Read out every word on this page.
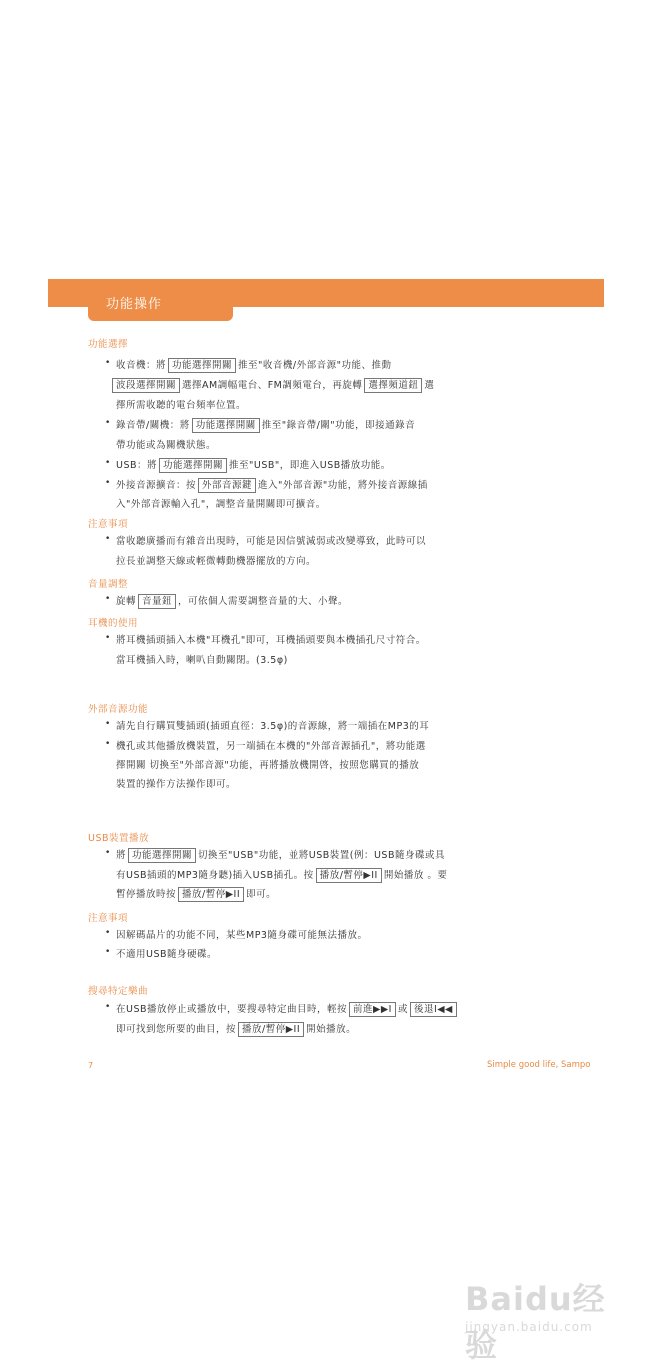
功能操作
功能選擇
• 收音機：將 功能選擇開關 推至"收音機/外部音源"功能、推動
波段選擇開關 選擇AM調幅電台、FM調頻電台，再旋轉 選擇頻道鈕 選
擇所需收聽的電台頻率位置。
• 錄音帶/關機：將 功能選擇開關 推至"錄音帶/關"功能，即接通錄音
帶功能或為關機狀態。
• USB：將 功能選擇開關 推至"USB"，即進入USB播放功能。
• 外接音源擴音：按 外部音源鍵 進入"外部音源"功能，將外接音源線插
入"外部音源輸入孔"，調整音量開關即可擴音。
注意事項
• 當收聽廣播而有雜音出現時，可能是因信號減弱或改變導致，此時可以
拉長並調整天線或輕微轉動機器擺放的方向。
音量調整
• 旋轉 音量鈕 ，可依個人需要調整音量的大、小聲。
耳機的使用
• 將耳機插頭插入本機"耳機孔"即可，耳機插頭要與本機插孔尺寸符合。
當耳機插入時，喇叭自動關閉。(3.5φ)
外部音源功能
• 請先自行購買雙插頭(插頭直徑：3.5φ)的音源線，將一端插在MP3的耳
• 機孔或其他播放機裝置，另一端插在本機的"外部音源插孔"，將功能選
擇開關 切換至"外部音源"功能，再將播放機開啓，按照您購買的播放
裝置的操作方法操作即可。
USB裝置播放
• 將 功能選擇開關 切換至"USB"功能，並將USB裝置(例：USB隨身碟或具
有USB插頭的MP3隨身聽)插入USB插孔。按 播放/暫停▶II 開始播放 。要
暫停播放時按 播放/暫停▶II 即可。
注意事項
• 因解碼晶片的功能不同，某些MP3隨身碟可能無法播放。
• 不適用USB隨身硬碟。
搜尋特定樂曲
• 在USB播放停止或播放中，要搜尋特定曲目時，輕按 前進▶▶I 或 後退I◀◀
即可找到您所要的曲目，按 播放/暫停▶II 開始播放。
7	Simple good life, Sampo
Baidu经验
jingyan.baidu.com
